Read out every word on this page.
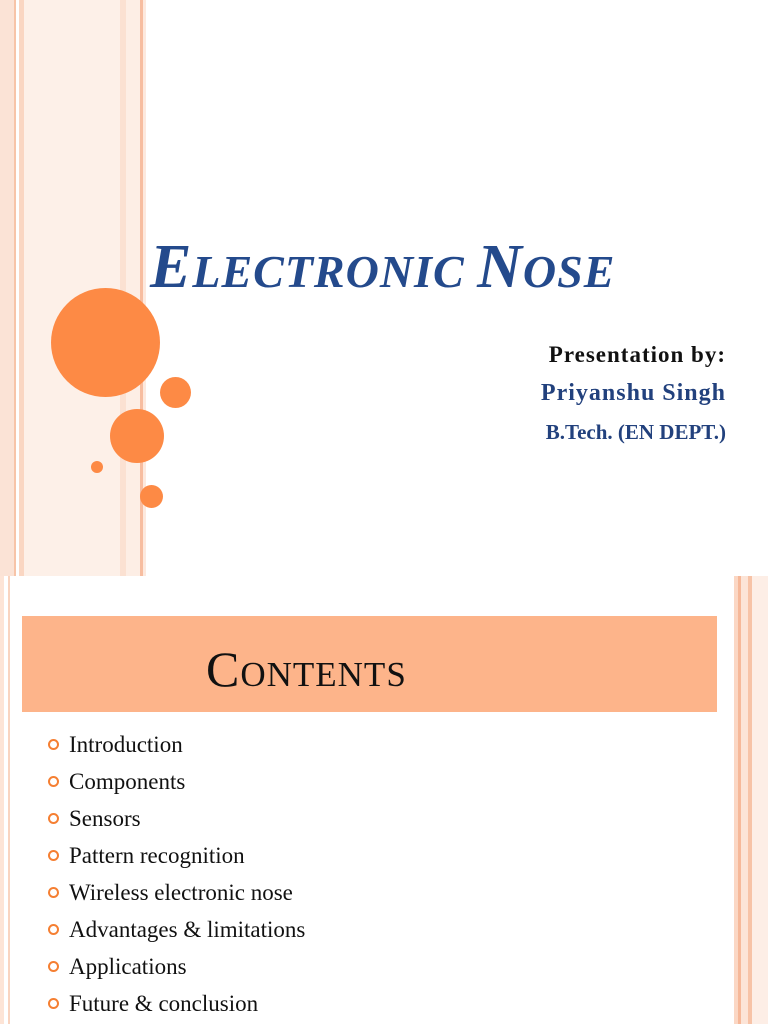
ELECTRONIC NOSE
Presentation by:
Priyanshu Singh
B.Tech. (EN DEPT.)
Contents
Introduction
Components
Sensors
Pattern recognition
Wireless electronic nose
Advantages & limitations
Applications
Future & conclusion
